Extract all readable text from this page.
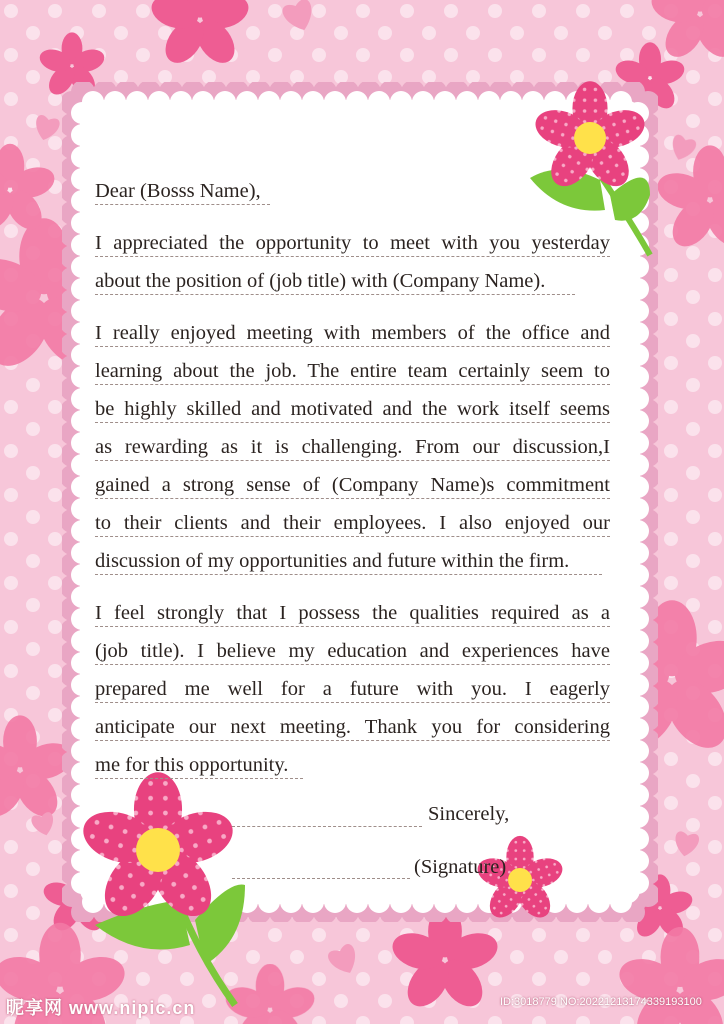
Dear (Bosss Name),
I appreciated the opportunity to meet with you yesterday
about the position of (job title) with (Company Name).
I really enjoyed meeting with members of the office and
learning about the job. The entire team certainly seem to
be highly skilled and motivated and the work itself seems
as rewarding as it is challenging. From our discussion,I
gained a strong sense of (Company Name)s commitment
to their clients and their employees. I also enjoyed our
discussion of my opportunities and future within the firm.
I feel strongly that I possess the qualities required as a
(job title). I believe my education and experiences have
prepared me well for a future with you. I eagerly
anticipate our next meeting. Thank you for considering
me for this opportunity.
Sincerely,
(Signature)
昵享网 www.nipic.cn	ID:3018779 NO:20221213174339193100
